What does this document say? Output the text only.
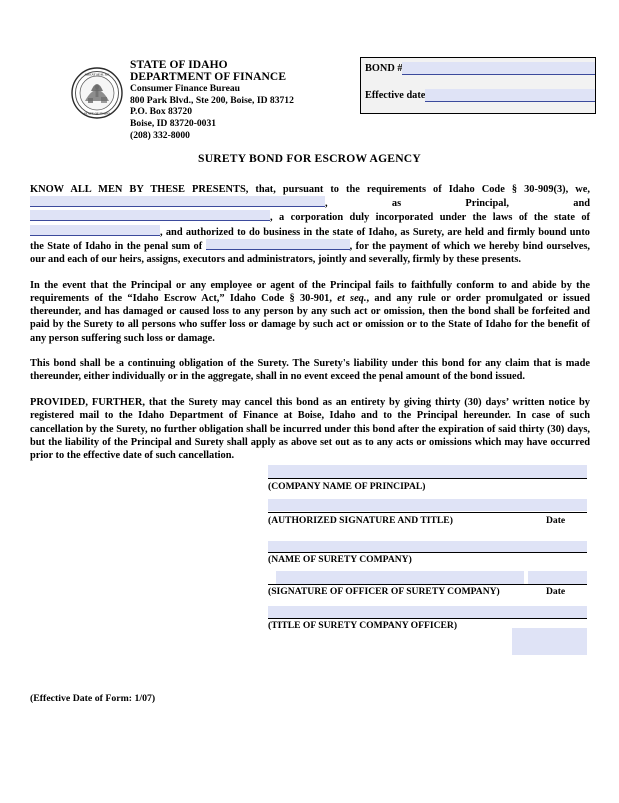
GREAT SEAL OF
STATE OF IDAHO
STATE OF IDAHO
DEPARTMENT OF FINANCE
Consumer Finance Bureau
800 Park Blvd., Ste 200, Boise, ID 83712
P.O. Box 83720
Boise, ID 83720-0031
(208) 332-8000
BOND #
Effective date
SURETY BOND FOR ESCROW AGENCY

KNOW ALL MEN BY THESE PRESENTS, that, pursuant to the requirements of Idaho Code § 30-909(3), we, , as Principal, and , a corporation duly incorporated under the laws of the state of , and authorized to do business in the state of Idaho, as Surety, are held and firmly bound unto the State of Idaho in the penal sum of	, for the payment of which we hereby bind ourselves, our and each of our heirs, assigns, executors and administrators, jointly and severally, firmly by these presents.

In the event that the Principal or any employee or agent of the Principal fails to faithfully conform to and abide by the requirements of the “Idaho Escrow Act,” Idaho Code § 30-901, et seq., and any rule or order promulgated or issued thereunder, and has damaged or caused loss to any person by any such act or omission, then the bond shall be forfeited and paid by the Surety to all persons who suffer loss or damage by such act or omission or to the State of Idaho for the benefit of any person suffering such loss or damage.

This bond shall be a continuing obligation of the Surety. The Surety's liability under this bond for any claim that is made thereunder, either individually or in the aggregate, shall in no event exceed the penal amount of the bond issued.

PROVIDED, FURTHER, that the Surety may cancel this bond as an entirety by giving thirty (30) days’ written notice by registered mail to the Idaho Department of Finance at Boise, Idaho and to the Principal hereunder. In case of such cancellation by the Surety, no further obligation shall be incurred under this bond after the expiration of said thirty (30) days, but the liability of the Principal and Surety shall apply as above set out as to any acts or omissions which may have occurred prior to the effective date of such cancellation.

(COMPANY NAME OF PRINCIPAL)
(AUTHORIZED SIGNATURE AND TITLE)	Date
(NAME OF SURETY COMPANY)
(SIGNATURE OF OFFICER OF SURETY COMPANY)	Date
(TITLE OF SURETY COMPANY OFFICER)
(Effective Date of Form: 1/07)
